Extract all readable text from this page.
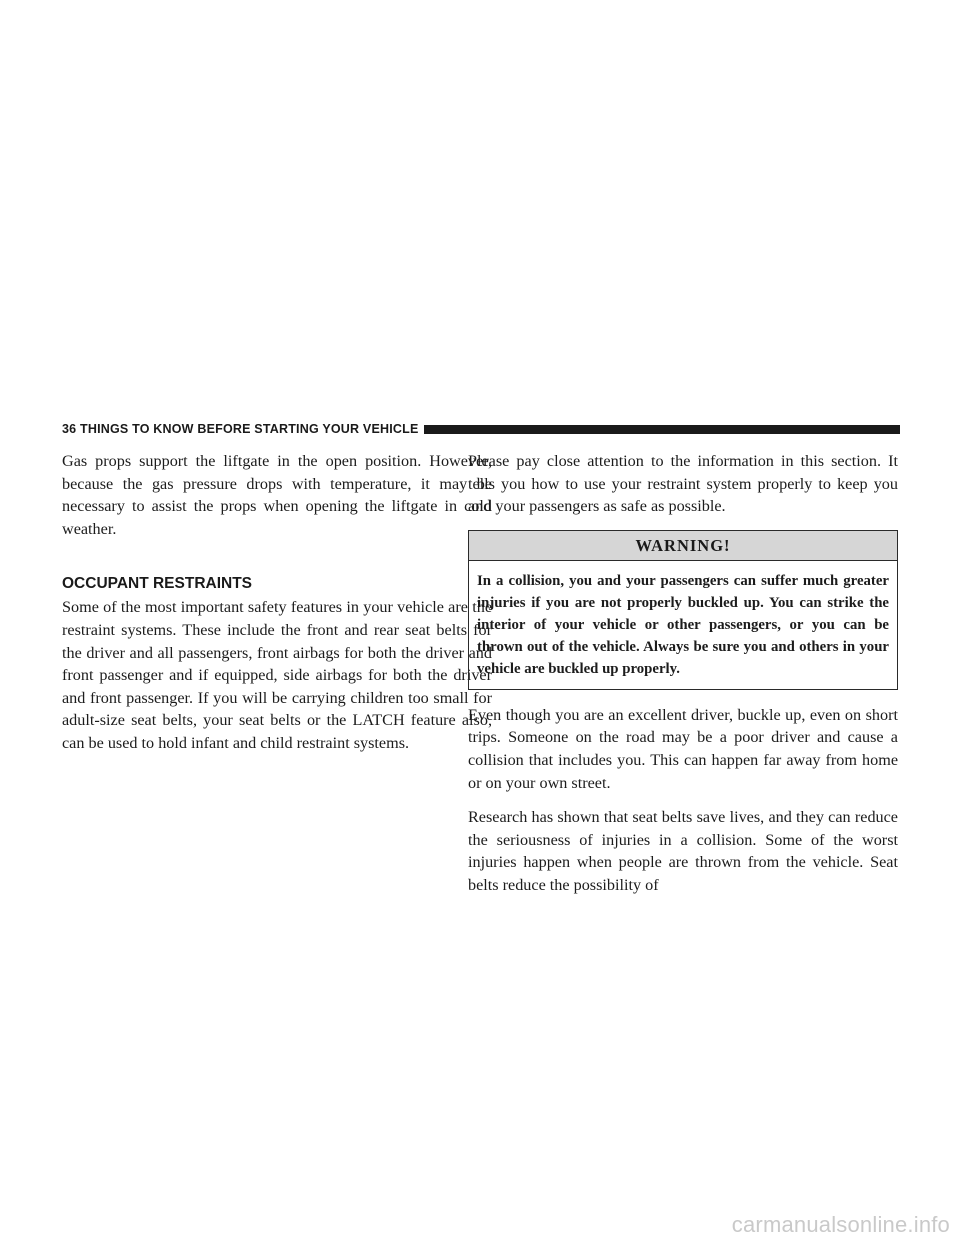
36 THINGS TO KNOW BEFORE STARTING YOUR VEHICLE

Gas props support the liftgate in the open position. However, because the gas pressure drops with temperature, it may be necessary to assist the props when opening the liftgate in cold weather.

OCCUPANT RESTRAINTS

Some of the most important safety features in your vehicle are the restraint systems. These include the front and rear seat belts for the driver and all passengers, front airbags for both the driver and front passenger and if equipped, side airbags for both the driver and front passenger. If you will be carrying children too small for adult-size seat belts, your seat belts or the LATCH feature also, can be used to hold infant and child restraint systems.

Please pay close attention to the information in this section. It tells you how to use your restraint system properly to keep you and your passengers as safe as possible.

WARNING!

In a collision, you and your passengers can suffer much greater injuries if you are not properly buckled up. You can strike the interior of your vehicle or other passengers, or you can be thrown out of the vehicle. Always be sure you and others in your vehicle are buckled up properly.

Even though you are an excellent driver, buckle up, even on short trips. Someone on the road may be a poor driver and cause a collision that includes you. This can happen far away from home or on your own street.

Research has shown that seat belts save lives, and they can reduce the seriousness of injuries in a collision. Some of the worst injuries happen when people are thrown from the vehicle. Seat belts reduce the possibility of

carmanualsonline.info
